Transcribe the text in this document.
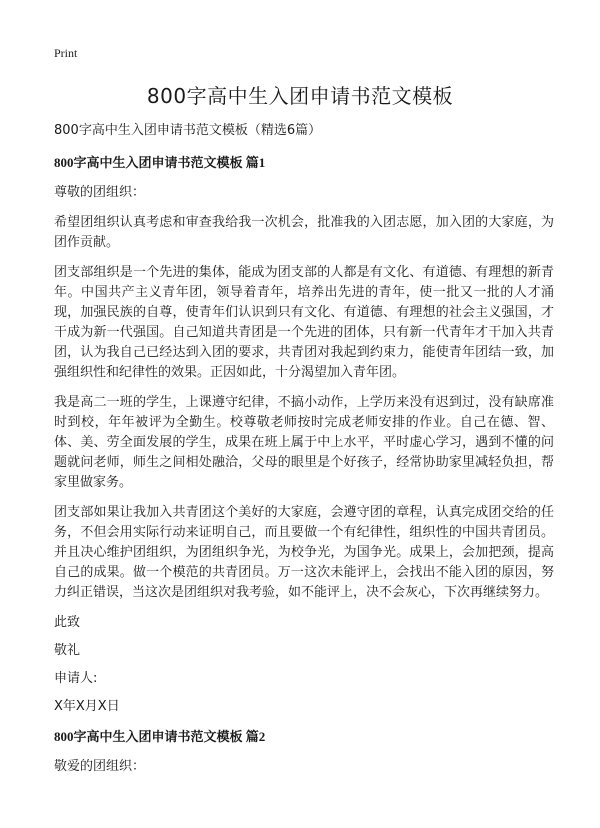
Print
800字高中生入团申请书范文模板

800字高中生入团申请书范文模板（精选6篇）

800字高中生入团申请书范文模板 篇1

尊敬的团组织：

希望团组织认真考虑和审查我给我一次机会，批准我的入团志愿，加入团的大家庭，为团作贡献。

团支部组织是一个先进的集体，能成为团支部的人都是有文化、有道德、有理想的新青年。中国共产主义青年团，领导着青年，培养出先进的青年，使一批又一批的人才涌现，加强民族的自尊，使青年们认识到只有文化、有道德、有理想的社会主义强国，才干成为新一代强国。自己知道共青团是一个先进的团体，只有新一代青年才干加入共青团，认为我自己已经达到入团的要求，共青团对我起到约束力，能使青年团结一致，加强组织性和纪律性的效果。正因如此，十分渴望加入青年团。

我是高二一班的学生，上课遵守纪律，不搞小动作，上学历来没有迟到过，没有缺席准时到校，年年被评为全勤生。校尊敬老师按时完成老师安排的作业。自己在德、智、体、美、劳全面发展的学生，成果在班上属于中上水平，平时虚心学习，遇到不懂的问题就问老师，师生之间相处融洽，父母的眼里是个好孩子，经常协助家里减轻负担，帮家里做家务。

团支部如果让我加入共青团这个美好的大家庭，会遵守团的章程，认真完成团交给的任务，不但会用实际行动来证明自己，而且要做一个有纪律性，组织性的中国共青团员。并且决心维护团组织，为团组织争光，为校争光，为国争光。成果上，会加把颈，提高自己的成果。做一个模范的共青团员。万一这次未能评上，会找出不能入团的原因，努力纠正错误，当这次是团组织对我考验，如不能评上，决不会灰心，下次再继续努力。

此致

敬礼

申请人:

X年X月X日

800字高中生入团申请书范文模板 篇2

敬爱的团组织：
